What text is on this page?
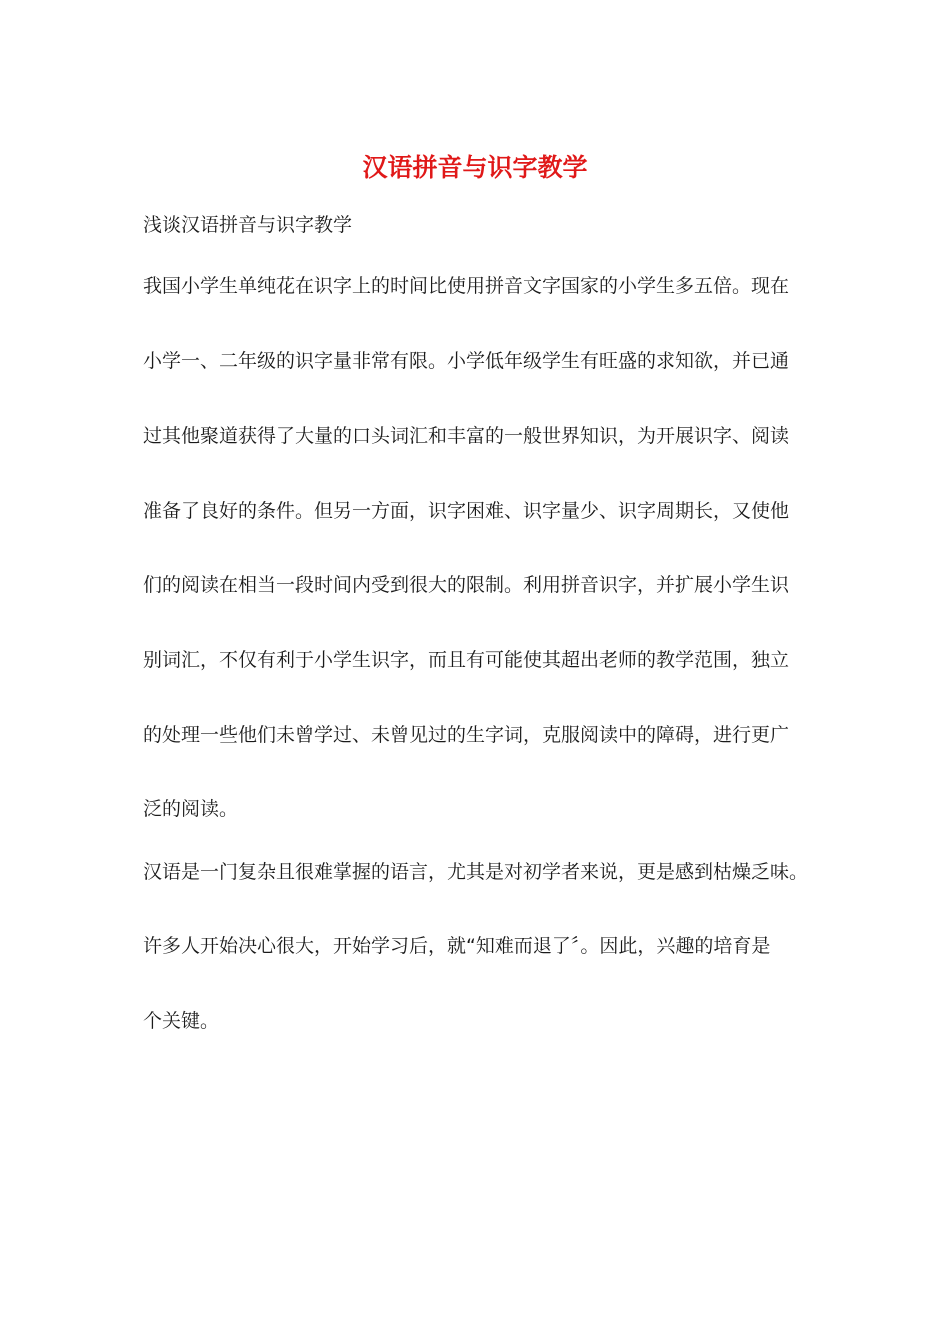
汉语拼音与识字教学

浅谈汉语拼音与识字教学

我国小学生单纯花在识字上的时间比使用拼音文字国家的小学生多五倍。现在

小学一、二年级的识字量非常有限。小学低年级学生有旺盛的求知欲，并已通

过其他聚道获得了大量的口头词汇和丰富的一般世界知识，为开展识字、阅读

准备了良好的条件。但另一方面，识字困难、识字量少、识字周期长，又使他

们的阅读在相当一段时间内受到很大的限制。利用拼音识字，并扩展小学生识

别词汇，不仅有利于小学生识字，而且有可能使其超出老师的教学范围，独立

的处理一些他们未曾学过、未曾见过的生字词，克服阅读中的障碍，进行更广

泛的阅读。

汉语是一门复杂且很难掌握的语言，尤其是对初学者来说，更是感到枯燥乏味。

许多人开始决心很大，开始学习后，就“知难而退了〞。因此，兴趣的培育是

个关键。
